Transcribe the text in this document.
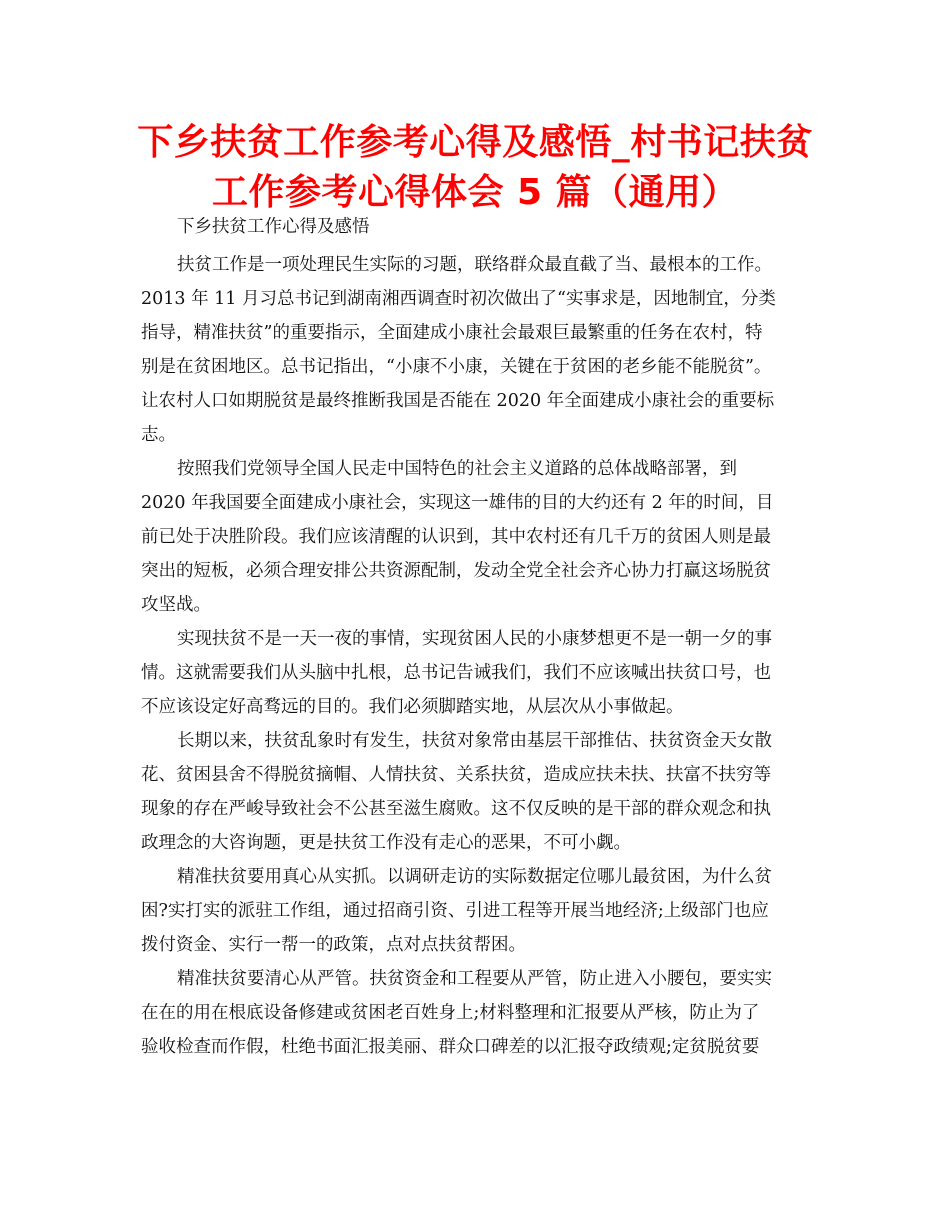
下乡扶贫工作参考心得及感悟_村书记扶贫
工作参考心得体会 5 篇（通用）
下乡扶贫工作心得及感悟
扶贫工作是一项处理民生实际的习题，联络群众最直截了当、最根本的工作。
2013 年 11 月习总书记到湖南湘西调查时初次做出了“实事求是，因地制宜，分类
指导，精准扶贫”的重要指示，全面建成小康社会最艰巨最繁重的任务在农村，特
别是在贫困地区。总书记指出，“小康不小康，关键在于贫困的老乡能不能脱贫”。
让农村人口如期脱贫是最终推断我国是否能在 2020 年全面建成小康社会的重要标
志。
按照我们党领导全国人民走中国特色的社会主义道路的总体战略部署，到
2020 年我国要全面建成小康社会，实现这一雄伟的目的大约还有 2 年的时间，目
前已处于决胜阶段。我们应该清醒的认识到，其中农村还有几千万的贫困人则是最
突出的短板，必须合理安排公共资源配制，发动全党全社会齐心协力打赢这场脱贫
攻坚战。
实现扶贫不是一天一夜的事情，实现贫困人民的小康梦想更不是一朝一夕的事
情。这就需要我们从头脑中扎根，总书记告诫我们，我们不应该喊出扶贫口号，也
不应该设定好高骛远的目的。我们必须脚踏实地，从层次从小事做起。
长期以来，扶贫乱象时有发生，扶贫对象常由基层干部推估、扶贫资金天女散
花、贫困县舍不得脱贫摘帽、人情扶贫、关系扶贫，造成应扶未扶、扶富不扶穷等
现象的存在严峻导致社会不公甚至滋生腐败。这不仅反映的是干部的群众观念和执
政理念的大咨询题，更是扶贫工作没有走心的恶果，不可小觑。
精准扶贫要用真心从实抓。以调研走访的实际数据定位哪儿最贫困，为什么贫
困?实打实的派驻工作组，通过招商引资、引进工程等开展当地经济;上级部门也应
拨付资金、实行一帮一的政策，点对点扶贫帮困。
精准扶贫要清心从严管。扶贫资金和工程要从严管，防止进入小腰包，要实实
在在的用在根底设备修建或贫困老百姓身上;材料整理和汇报要从严核，防止为了
验收检查而作假，杜绝书面汇报美丽、群众口碑差的以汇报夺政绩观;定贫脱贫要
